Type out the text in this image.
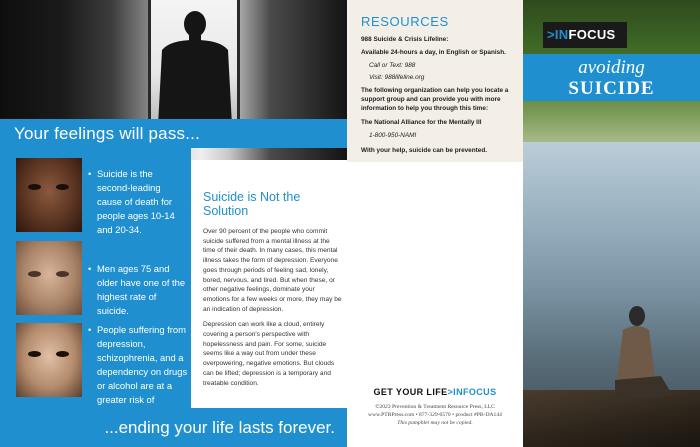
Your feelings will pass...
• Suicide is the second-leading cause of death for people ages 10-14 and 20-34.
• Men ages 75 and older have one of the highest rate of suicide.
• People suffering from depression, schizophrenia, and a dependency on drugs or alcohol are at a greater risk of
Suicide is Not the Solution

Over 90 percent of the people who commit suicide suffered from a mental illness at the time of their death. In many cases, this mental illness takes the form of depression. Everyone goes through periods of feeling sad, lonely, bored, nervous, and tired. But when these, or other negative feelings, dominate your emotions for a few weeks or more, they may be an indication of depression.

Depression can work like a cloud, entirely covering a person's perspective with hopelessness and pain. For some, suicide seems like a way out from under these overpowering, negative emotions. But clouds can be lifted; depression is a temporary and treatable condition.

...ending your life lasts forever.
RESOURCES
988 Suicide & Crisis Lifeline:
Available 24-hours a day, in English or Spanish.
Call or Text: 988
Visit: 988lifeline.org
The following organization can help you locate a support group and can provide you with more information to help you through this time:
The National Alliance for the Mentally Ill
1-800-950-NAMI
With your help, suicide can be prevented.
GET YOUR LIFE>INFOCUS
©2023 Prevention & Treatment Resource Press, LLC
www.PTRPress.com • 877-329-0570 • product #PB-DA144
This pamphlet may not be copied.
>INFOCUS
avoiding
SUICIDE
